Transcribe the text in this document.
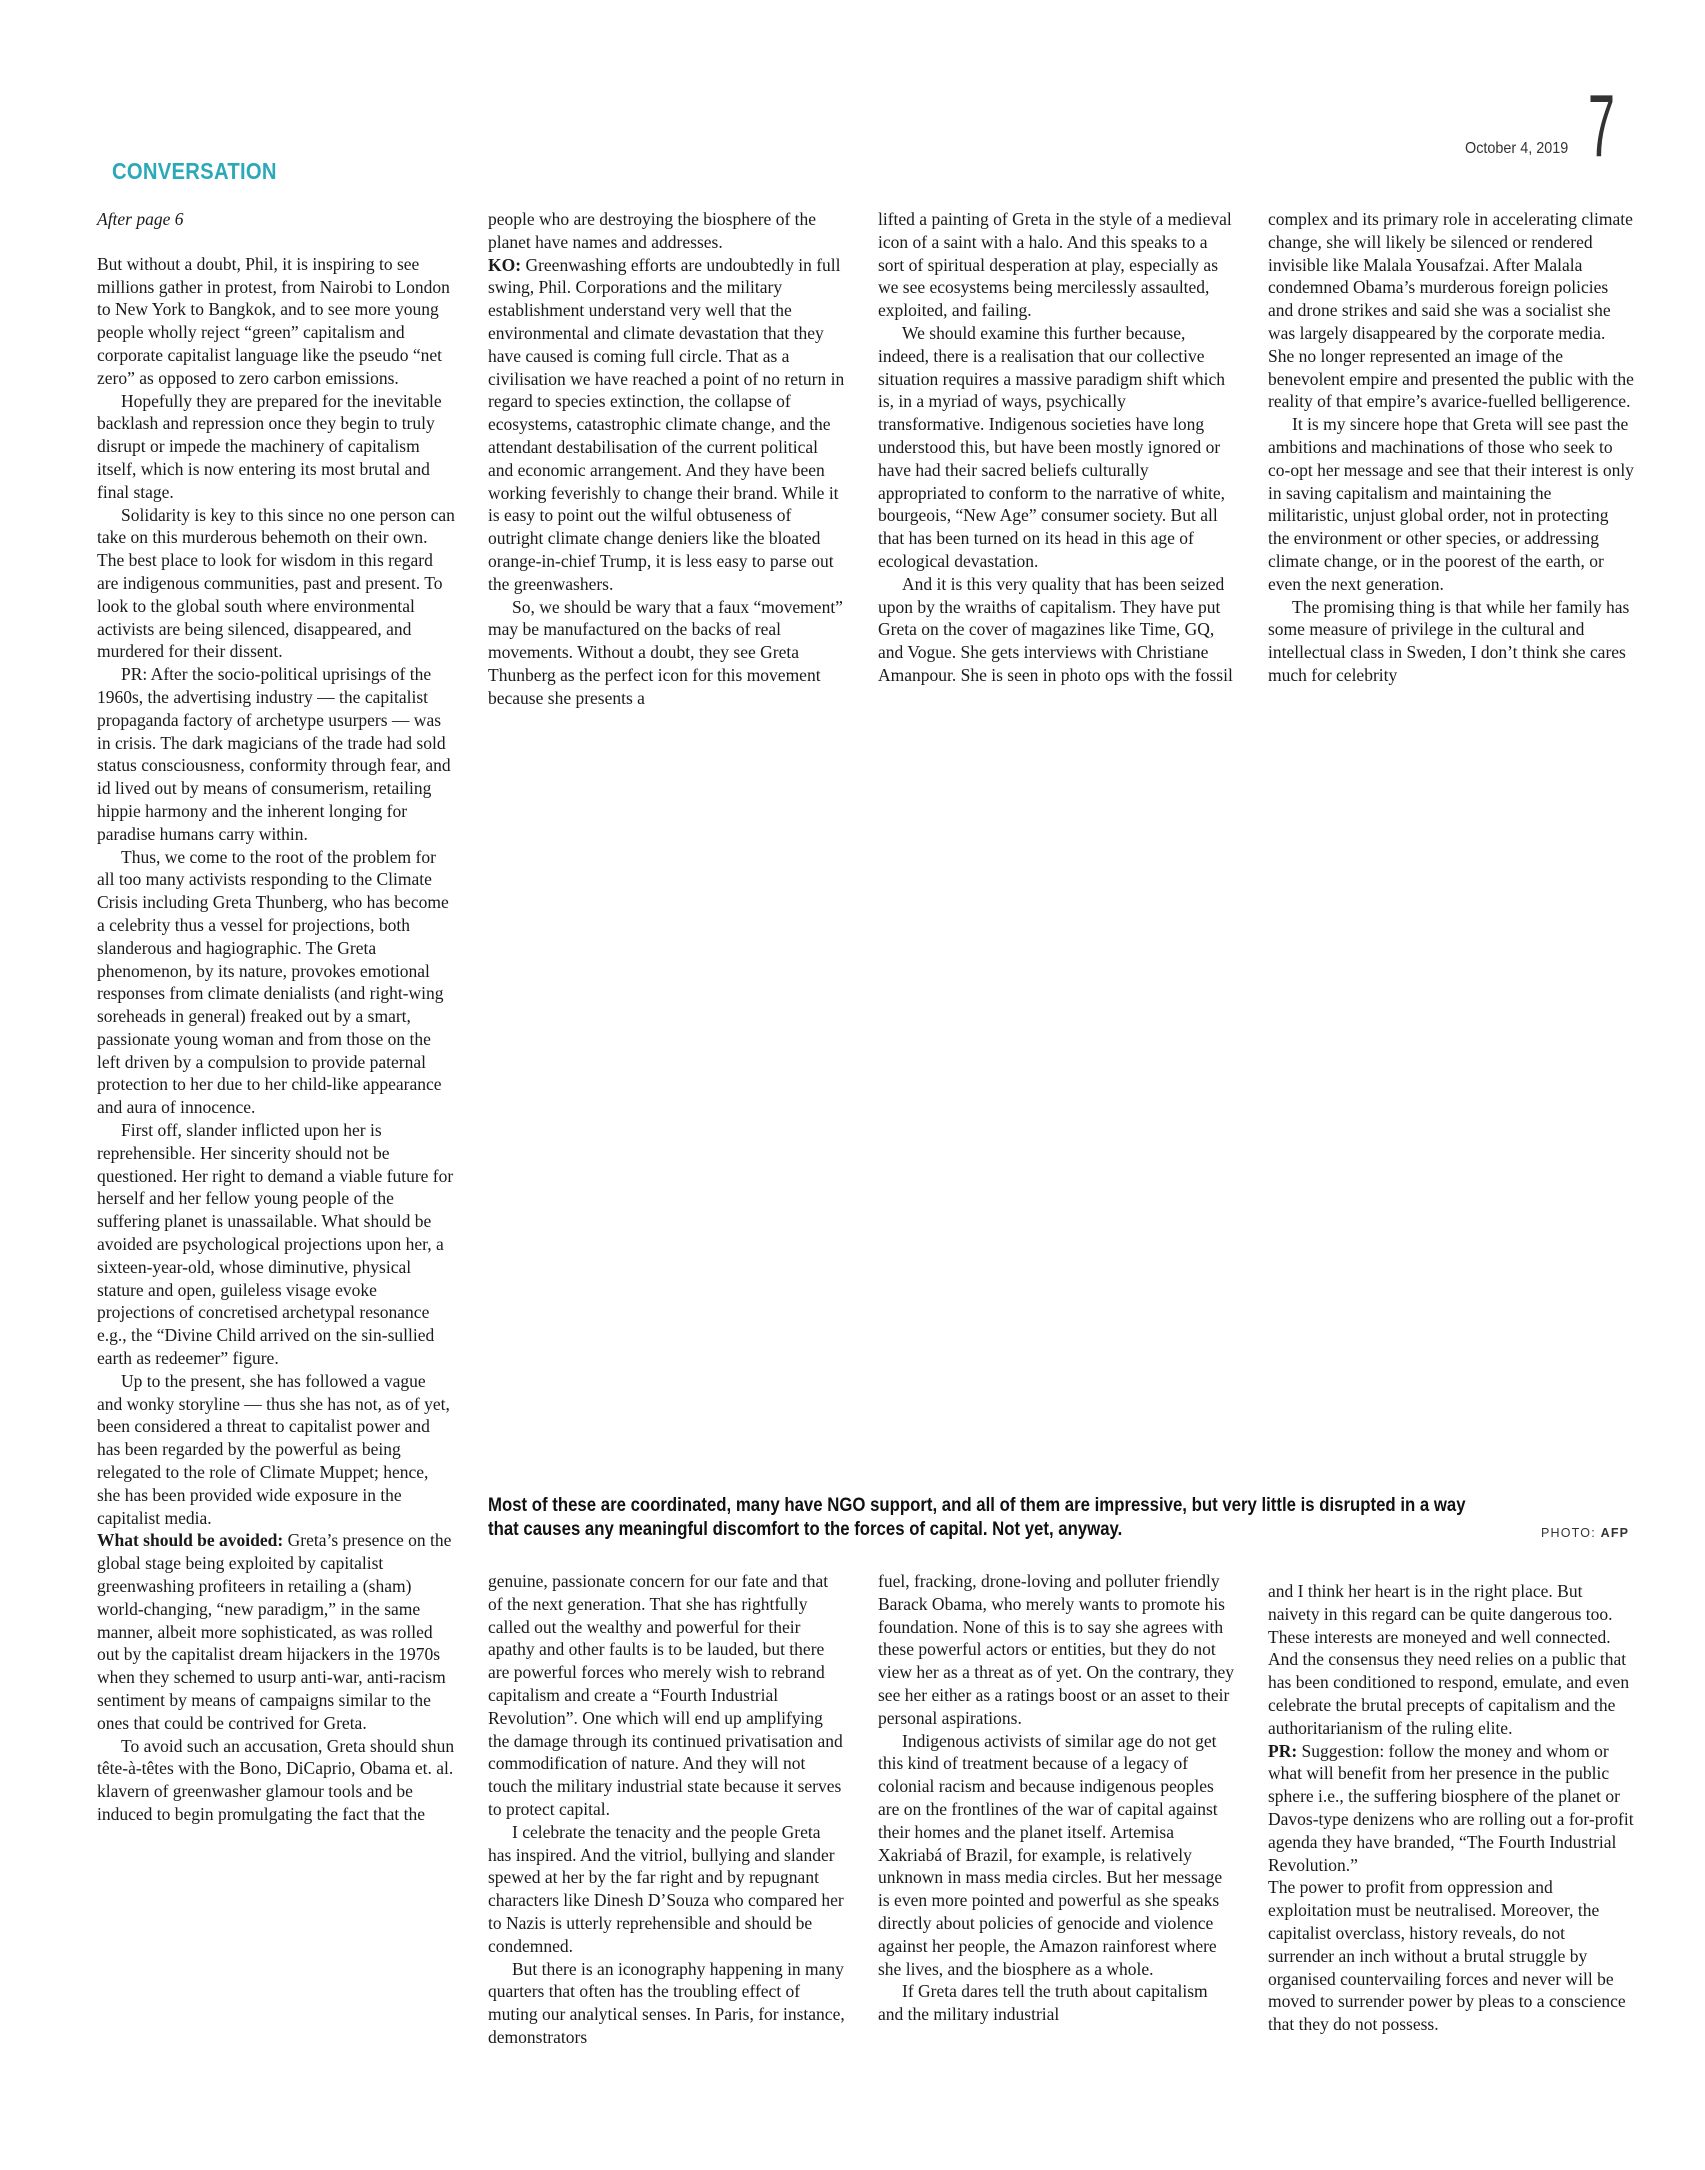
7
October 4, 2019
CONVERSATION

After page 6

But without a doubt, Phil, it is inspiring to see millions gather in protest, from Nairobi to London to New York to Bangkok, and to see more young people wholly reject “green” capitalism and corporate capitalist language like the pseudo “net zero” as opposed to zero carbon emissions.

Hopefully they are prepared for the inevitable backlash and repression once they begin to truly disrupt or impede the machinery of capitalism itself, which is now entering its most brutal and final stage.

Solidarity is key to this since no one person can take on this murderous behemoth on their own. The best place to look for wisdom in this regard are indigenous communities, past and present. To look to the global south where environmental activists are being silenced, disappeared, and murdered for their dissent.

PR: After the socio-political uprisings of the 1960s, the advertising industry — the capitalist propaganda factory of archetype usurpers — was in crisis. The dark magicians of the trade had sold status consciousness, conformity through fear, and id lived out by means of consumerism, retailing hippie harmony and the inherent longing for paradise humans carry within.

Thus, we come to the root of the problem for all too many activists responding to the Climate Crisis including Greta Thunberg, who has become a celebrity thus a vessel for projections, both slanderous and hagiographic. The Greta phenomenon, by its nature, provokes emotional responses from climate denialists (and right-wing soreheads in general) freaked out by a smart, passionate young woman and from those on the left driven by a compulsion to provide paternal protection to her due to her child-like appearance and aura of innocence.

First off, slander inflicted upon her is reprehensible. Her sincerity should not be questioned. Her right to demand a viable future for herself and her fellow young people of the suffering planet is unassailable. What should be avoided are psychological projections upon her, a sixteen-year-old, whose diminutive, physical stature and open, guileless visage evoke projections of concretised archetypal resonance e.g., the “Divine Child arrived on the sin-sullied earth as redeemer” figure.

Up to the present, she has followed a vague and wonky storyline — thus she has not, as of yet, been considered a threat to capitalist power and has been regarded by the powerful as being relegated to the role of Climate Muppet; hence, she has been provided wide exposure in the capitalist media.

What should be avoided: Greta’s presence on the global stage being exploited by capitalist greenwashing profiteers in retailing a (sham) world-changing, “new paradigm,” in the same manner, albeit more sophisticated, as was rolled out by the capitalist dream hijackers in the 1970s when they schemed to usurp anti-war, anti-racism sentiment by means of campaigns similar to the ones that could be contrived for Greta.

To avoid such an accusation, Greta should shun tête-à-têtes with the Bono, DiCaprio, Obama et. al. klavern of greenwasher glamour tools and be induced to begin promulgating the fact that the

people who are destroying the biosphere of the planet have names and addresses.

KO: Greenwashing efforts are undoubtedly in full swing, Phil. Corporations and the military establishment understand very well that the environmental and climate devastation that they have caused is coming full circle. That as a civilisation we have reached a point of no return in regard to species extinction, the collapse of ecosystems, catastrophic climate change, and the attendant destabilisation of the current political and economic arrangement. And they have been working feverishly to change their brand. While it is easy to point out the wilful obtuseness of outright climate change deniers like the bloated orange-in-chief Trump, it is less easy to parse out the greenwashers.

So, we should be wary that a faux “movement” may be manufactured on the backs of real movements. Without a doubt, they see Greta Thunberg as the perfect icon for this movement because she presents a

lifted a painting of Greta in the style of a medieval icon of a saint with a halo. And this speaks to a sort of spiritual desperation at play, especially as we see ecosystems being mercilessly assaulted, exploited, and failing.

We should examine this further because, indeed, there is a realisation that our collective situation requires a massive paradigm shift which is, in a myriad of ways, psychically transformative. Indigenous societies have long understood this, but have been mostly ignored or have had their sacred beliefs culturally appropriated to conform to the narrative of white, bourgeois, “New Age” consumer society. But all that has been turned on its head in this age of ecological devastation.

And it is this very quality that has been seized upon by the wraiths of capitalism. They have put Greta on the cover of magazines like Time, GQ, and Vogue. She gets interviews with Christiane Amanpour. She is seen in photo ops with the fossil

complex and its primary role in accelerating climate change, she will likely be silenced or rendered invisible like Malala Yousafzai. After Malala condemned Obama’s murderous foreign policies and drone strikes and said she was a socialist she was largely disappeared by the corporate media. She no longer represented an image of the benevolent empire and presented the public with the reality of that empire’s avarice-fuelled belligerence.

It is my sincere hope that Greta will see past the ambitions and machinations of those who seek to co-opt her message and see that their interest is only in saving capitalism and maintaining the militaristic, unjust global order, not in protecting the environment or other species, or addressing climate change, or in the poorest of the earth, or even the next generation.

The promising thing is that while her family has some measure of privilege in the cultural and intellectual class in Sweden, I don’t think she cares much for celebrity

Most of these are coordinated, many have NGO support, and all of them are impressive, but very little is disrupted in a way that causes any meaningful discomfort to the forces of capital. Not yet, anyway.	PHOTO: AFP

genuine, passionate concern for our fate and that of the next generation. That she has rightfully called out the wealthy and powerful for their apathy and other faults is to be lauded, but there are powerful forces who merely wish to rebrand capitalism and create a “Fourth Industrial Revolution”. One which will end up amplifying the damage through its continued privatisation and commodification of nature. And they will not touch the military industrial state because it serves to protect capital.

I celebrate the tenacity and the people Greta has inspired. And the vitriol, bullying and slander spewed at her by the far right and by repugnant characters like Dinesh D’Souza who compared her to Nazis is utterly reprehensible and should be condemned.

But there is an iconography happening in many quarters that often has the troubling effect of muting our analytical senses. In Paris, for instance, demonstrators

fuel, fracking, drone-loving and polluter friendly Barack Obama, who merely wants to promote his foundation. None of this is to say she agrees with these powerful actors or entities, but they do not view her as a threat as of yet. On the contrary, they see her either as a ratings boost or an asset to their personal aspirations.

Indigenous activists of similar age do not get this kind of treatment because of a legacy of colonial racism and because indigenous peoples are on the frontlines of the war of capital against their homes and the planet itself. Artemisa Xakriabá of Brazil, for example, is relatively unknown in mass media circles. But her message is even more pointed and powerful as she speaks directly about policies of genocide and violence against her people, the Amazon rainforest where she lives, and the biosphere as a whole.

If Greta dares tell the truth about capitalism and the military industrial

and I think her heart is in the right place. But naivety in this regard can be quite dangerous too. These interests are moneyed and well connected. And the consensus they need relies on a public that has been conditioned to respond, emulate, and even celebrate the brutal precepts of capitalism and the authoritarianism of the ruling elite.

PR: Suggestion: follow the money and whom or what will benefit from her presence in the public sphere i.e., the suffering biosphere of the planet or Davos-type denizens who are rolling out a for-profit agenda they have branded, “The Fourth Industrial Revolution.”

The power to profit from oppression and exploitation must be neutralised. Moreover, the capitalist overclass, history reveals, do not surrender an inch without a brutal struggle by organised countervailing forces and never will be moved to surrender power by pleas to a conscience that they do not possess.
